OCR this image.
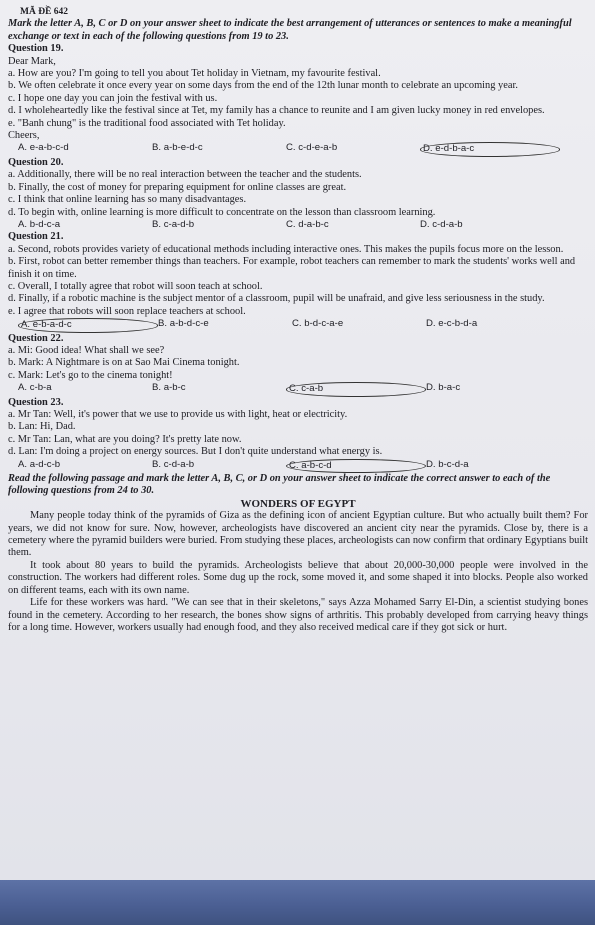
MÃ ĐỀ 642
Mark the letter A, B, C or D on your answer sheet to indicate the best arrangement of utterances or sentences to make a meaningful exchange or text in each of the following questions from 19 to 23.
Question 19.
Dear Mark,
a. How are you? I'm going to tell you about Tet holiday in Vietnam, my favourite festival.
b. We often celebrate it once every year on some days from the end of the 12th lunar month to celebrate an upcoming year.
c. I hope one day you can join the festival with us.
d. I wholeheartedly like the festival since at Tet, my family has a chance to reunite and I am given lucky money in red envelopes.
e. "Banh chung" is the traditional food associated with Tet holiday.
Cheers,
A. e-a-b-c-d	B. a-b-e-d-c	C. c-d-e-a-b	D. e-d-b-a-c
Question 20.
a. Additionally, there will be no real interaction between the teacher and the students.
b. Finally, the cost of money for preparing equipment for online classes are great.
c. I think that online learning has so many disadvantages.
d. To begin with, online learning is more difficult to concentrate on the lesson than classroom learning.
A. b-d-c-a	B. c-a-d-b	C. d-a-b-c	D. c-d-a-b
Question 21.
a. Second, robots provides variety of educational methods including interactive ones. This makes the pupils focus more on the lesson.
b. First, robot can better remember things than teachers. For example, robot teachers can remember to mark the students' works well and finish it on time.
c. Overall, I totally agree that robot will soon teach at school.
d. Finally, if a robotic machine is the subject mentor of a classroom, pupil will be unafraid, and give less seriousness in the study.
e. I agree that robots will soon replace teachers at school.
A. e-b-a-d-c	B. a-b-d-c-e	C. b-d-c-a-e	D. e-c-b-d-a
Question 22.
a. Mi: Good idea! What shall we see?
b. Mark: A Nightmare is on at Sao Mai Cinema tonight.
c. Mark: Let's go to the cinema tonight!
A. c-b-a	B. a-b-c	C. c-a-b	D. b-a-c
Question 23.
a. Mr Tan: Well, it's power that we use to provide us with light, heat or electricity.
b. Lan: Hi, Dad.
c. Mr Tan: Lan, what are you doing? It's pretty late now.
d. Lan: I'm doing a project on energy sources. But I don't quite understand what energy is.
A. a-d-c-b	B. c-d-a-b	C. a-b-c-d	D. b-c-d-a
Read the following passage and mark the letter A, B, C, or D on your answer sheet to indicate the correct answer to each of the following questions from 24 to 30.
WONDERS OF EGYPT
Many people today think of the pyramids of Giza as the defining icon of ancient Egyptian culture. But who actually built them? For years, we did not know for sure. Now, however, archeologists have discovered an ancient city near the pyramids. Close by, there is a cemetery where the pyramid builders were buried. From studying these places, archeologists can now confirm that ordinary Egyptians built them.
It took about 80 years to build the pyramids. Archeologists believe that about 20,000-30,000 people were involved in the construction. The workers had different roles. Some dug up the rock, some moved it, and some shaped it into blocks. People also worked on different teams, each with its own name.
Life for these workers was hard. "We can see that in their skeletons," says Azza Mohamed Sarry El-Din, a scientist studying bones found in the cemetery. According to her research, the bones show signs of arthritis. This probably developed from carrying heavy things for a long time. However, workers usually had enough food, and they also received medical care if they got sick or hurt.
